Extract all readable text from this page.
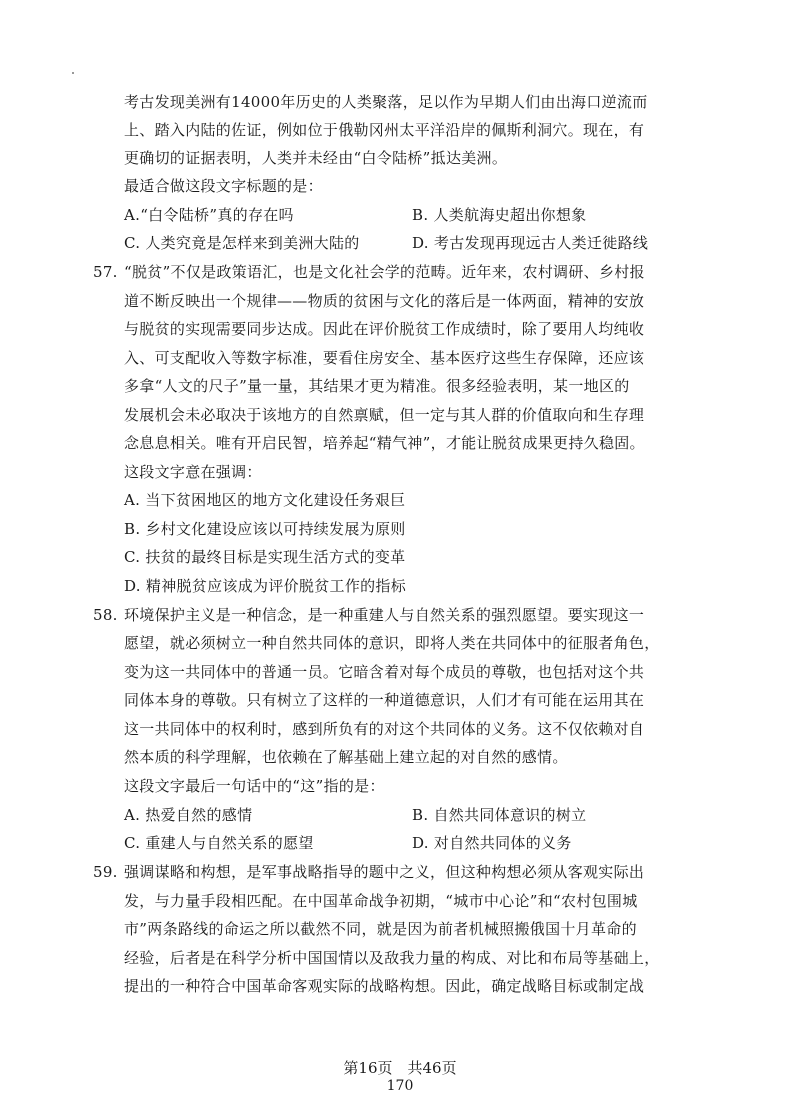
考古发现美洲有14000年历史的人类聚落，足以作为早期人们由出海口逆流而
上、踏入内陆的佐证，例如位于俄勒冈州太平洋沿岸的佩斯利洞穴。现在，有
更确切的证据表明，人类并未经由“白令陆桥”抵达美洲。
最适合做这段文字标题的是：
A.“白令陆桥”真的存在吗	B. 人类航海史超出你想象
C. 人类究竟是怎样来到美洲大陆的	D. 考古发现再现远古人类迁徙路线
57. “脱贫”不仅是政策语汇，也是文化社会学的范畴。近年来，农村调研、乡村报
道不断反映出一个规律——物质的贫困与文化的落后是一体两面，精神的安放
与脱贫的实现需要同步达成。因此在评价脱贫工作成绩时，除了要用人均纯收
入、可支配收入等数字标准，要看住房安全、基本医疗这些生存保障，还应该
多拿“人文的尺子”量一量，其结果才更为精准。很多经验表明，某一地区的
发展机会未必取决于该地方的自然禀赋，但一定与其人群的价值取向和生存理
念息息相关。唯有开启民智，培养起“精气神”，才能让脱贫成果更持久稳固。
这段文字意在强调：
A. 当下贫困地区的地方文化建设任务艰巨
B. 乡村文化建设应该以可持续发展为原则
C. 扶贫的最终目标是实现生活方式的变革
D. 精神脱贫应该成为评价脱贫工作的指标
58. 环境保护主义是一种信念，是一种重建人与自然关系的强烈愿望。要实现这一
愿望，就必须树立一种自然共同体的意识，即将人类在共同体中的征服者角色，
变为这一共同体中的普通一员。它暗含着对每个成员的尊敬，也包括对这个共
同体本身的尊敬。只有树立了这样的一种道德意识，人们才有可能在运用其在
这一共同体中的权利时，感到所负有的对这个共同体的义务。这不仅依赖对自
然本质的科学理解，也依赖在了解基础上建立起的对自然的感情。
这段文字最后一句话中的“这”指的是：
A. 热爱自然的感情	B. 自然共同体意识的树立
C. 重建人与自然关系的愿望	D. 对自然共同体的义务
59. 强调谋略和构想，是军事战略指导的题中之义，但这种构想必须从客观实际出
发，与力量手段相匹配。在中国革命战争初期，“城市中心论”和“农村包围城
市”两条路线的命运之所以截然不同，就是因为前者机械照搬俄国十月革命的
经验，后者是在科学分析中国国情以及敌我力量的构成、对比和布局等基础上，
提出的一种符合中国革命客观实际的战略构想。因此，确定战略目标或制定战
第16页　共46页
170
